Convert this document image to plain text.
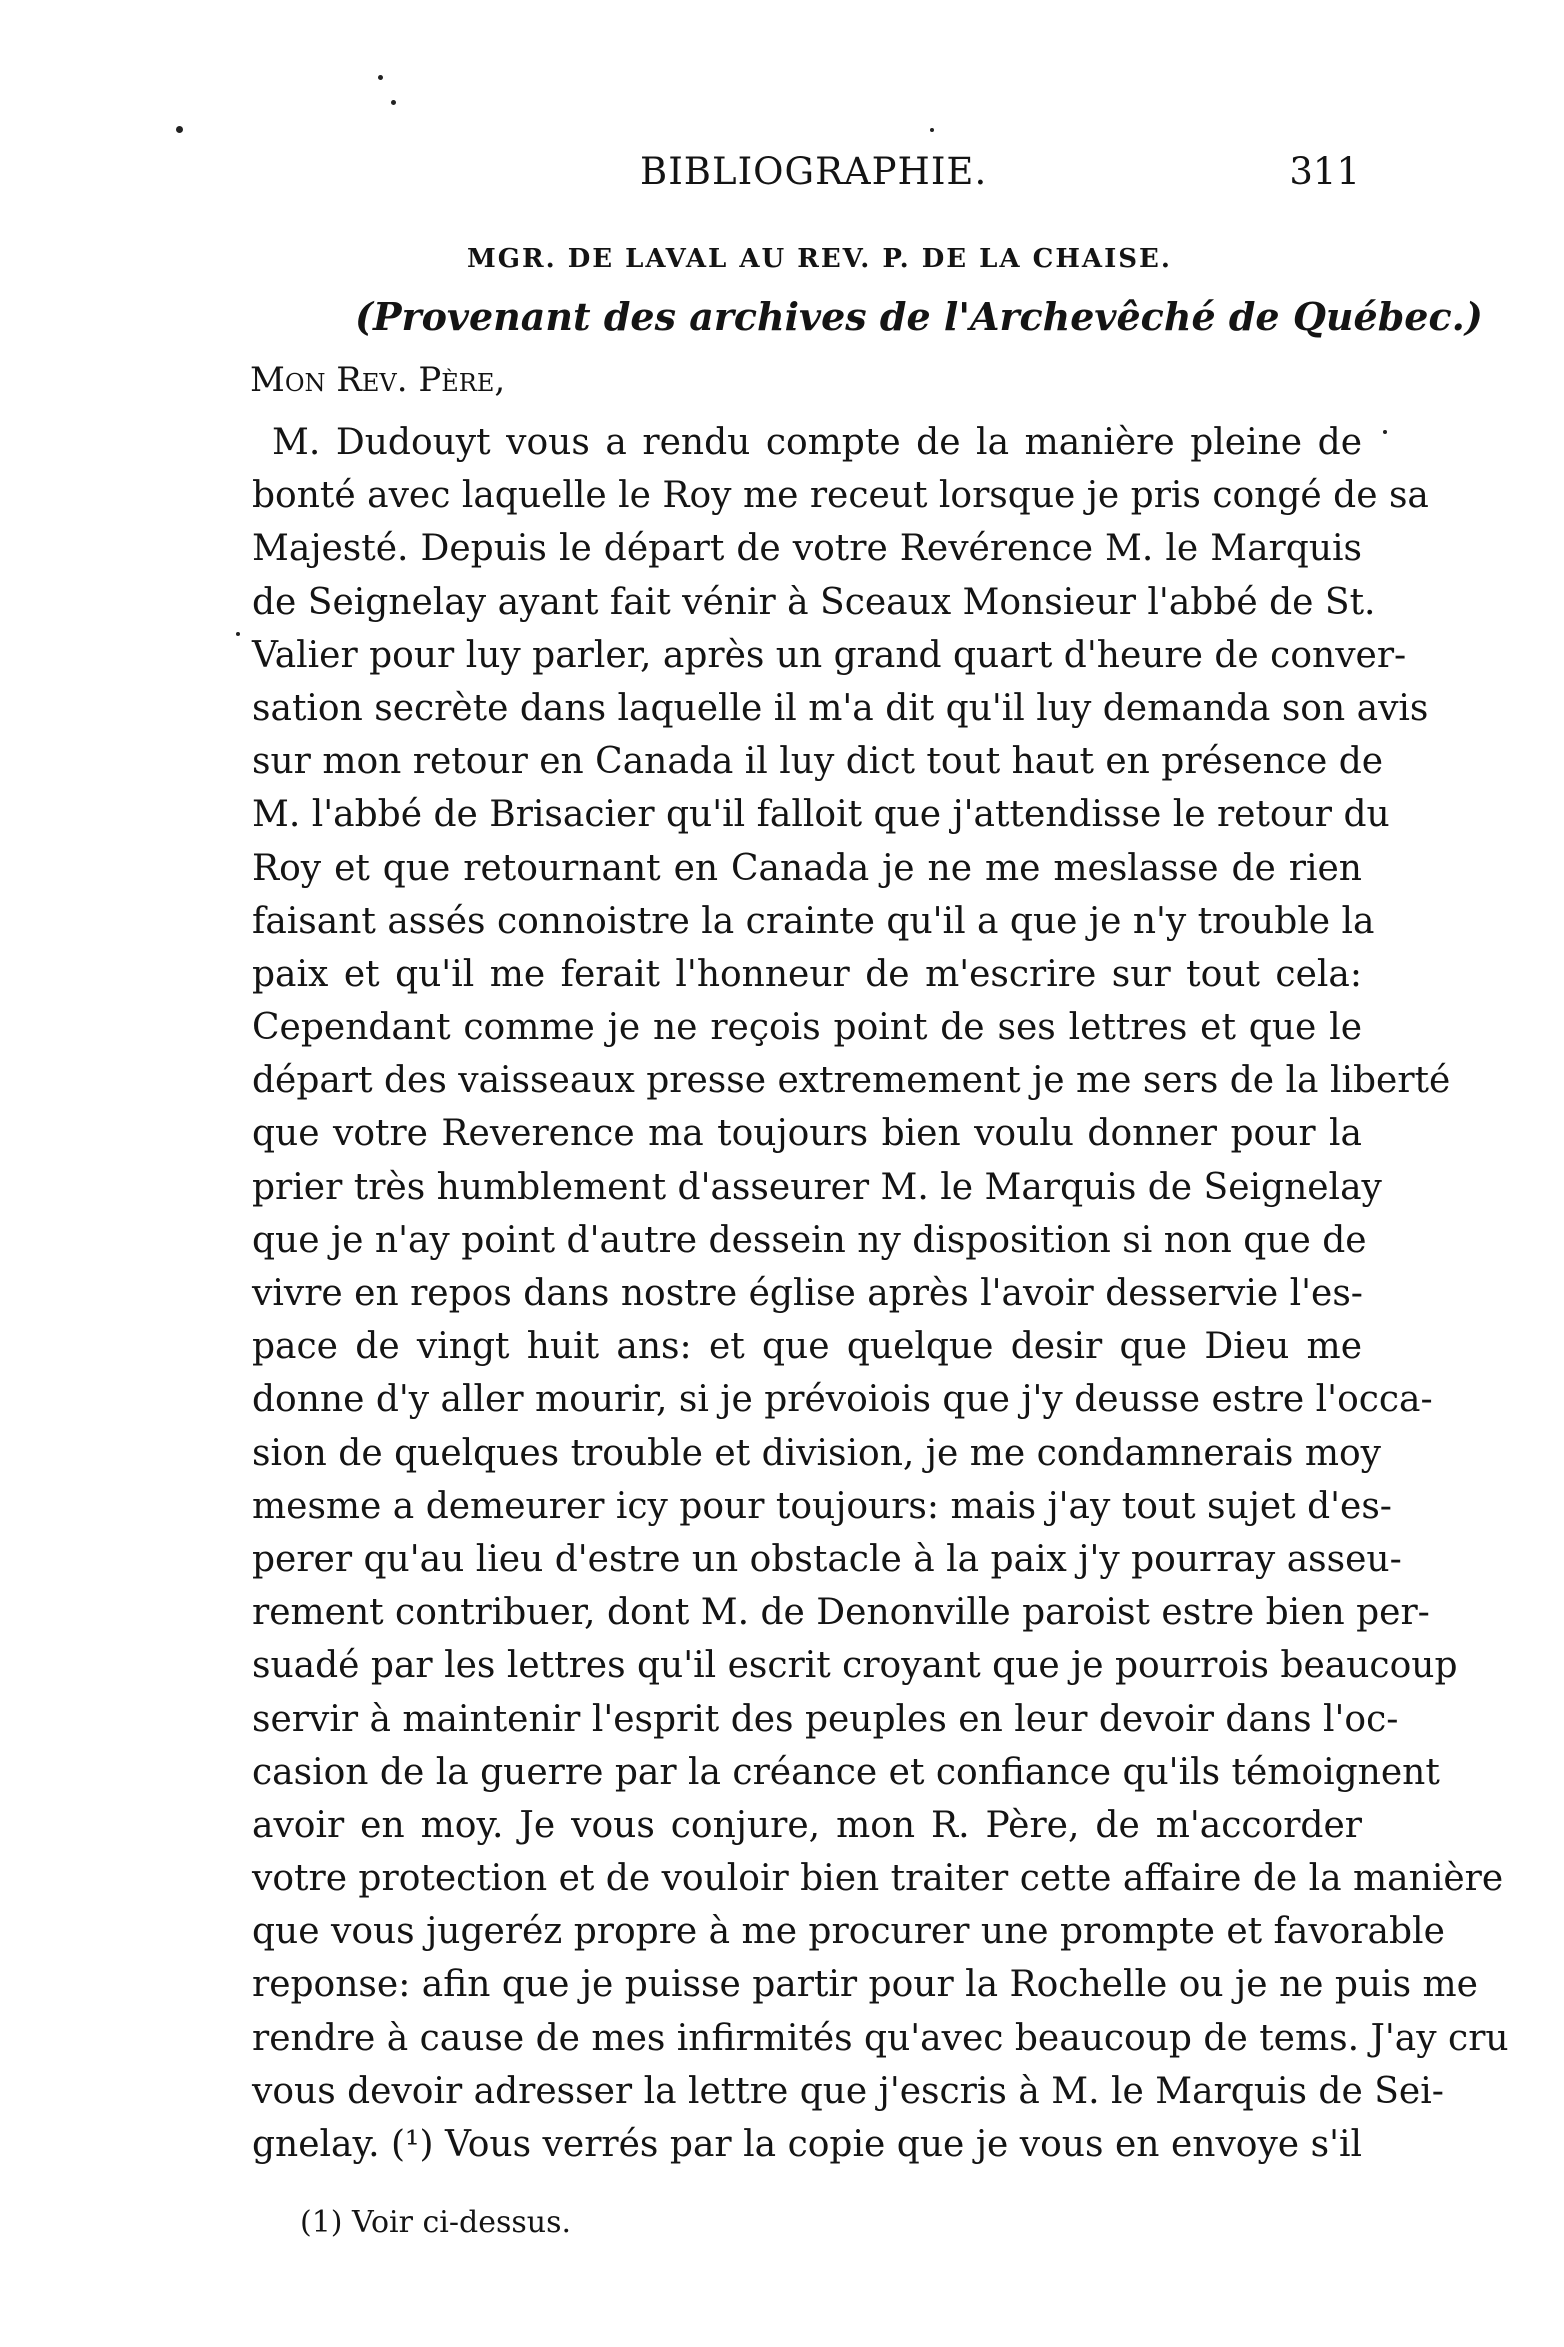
BIBLIOGRAPHIE.	311
MGR. DE LAVAL AU REV. P. DE LA CHAISE.
(Provenant des archives de l'Archevêché de Québec.)
Mon Rev. Père,
M. Dudouyt vous a rendu compte de la manière pleine de
bonté avec laquelle le Roy me receut lorsque je pris congé de sa
Majesté. Depuis le départ de votre Revérence M. le Marquis
de Seignelay ayant fait vénir à Sceaux Monsieur l'abbé de St.
Valier pour luy parler, après un grand quart d'heure de conver-
sation secrète dans laquelle il m'a dit qu'il luy demanda son avis
sur mon retour en Canada il luy dict tout haut en présence de
M. l'abbé de Brisacier qu'il falloit que j'attendisse le retour du
Roy et que retournant en Canada je ne me meslasse de rien
faisant assés connoistre la crainte qu'il a que je n'y trouble la
paix et qu'il me ferait l'honneur de m'escrire sur tout cela:
Cependant comme je ne reçois point de ses lettres et que le
départ des vaisseaux presse extremement je me sers de la liberté
que votre Reverence ma toujours bien voulu donner pour la
prier très humblement d'asseurer M. le Marquis de Seignelay
que je n'ay point d'autre dessein ny disposition si non que de
vivre en repos dans nostre église après l'avoir desservie l'es-
pace de vingt huit ans: et que quelque desir que Dieu me
donne d'y aller mourir, si je prévoiois que j'y deusse estre l'occa-
sion de quelques trouble et division, je me condamnerais moy
mesme a demeurer icy pour toujours: mais j'ay tout sujet d'es-
perer qu'au lieu d'estre un obstacle à la paix j'y pourray asseu-
rement contribuer, dont M. de Denonville paroist estre bien per-
suadé par les lettres qu'il escrit croyant que je pourrois beaucoup
servir à maintenir l'esprit des peuples en leur devoir dans l'oc-
casion de la guerre par la créance et confiance qu'ils témoignent
avoir en moy. Je vous conjure, mon R. Père, de m'accorder
votre protection et de vouloir bien traiter cette affaire de la manière
que vous jugeréz propre à me procurer une prompte et favorable
reponse: afin que je puisse partir pour la Rochelle ou je ne puis me
rendre à cause de mes infirmités qu'avec beaucoup de tems. J'ay cru
vous devoir adresser la lettre que j'escris à M. le Marquis de Sei-
gnelay. (¹) Vous verrés par la copie que je vous en envoye s'il
(1) Voir ci-dessus.
